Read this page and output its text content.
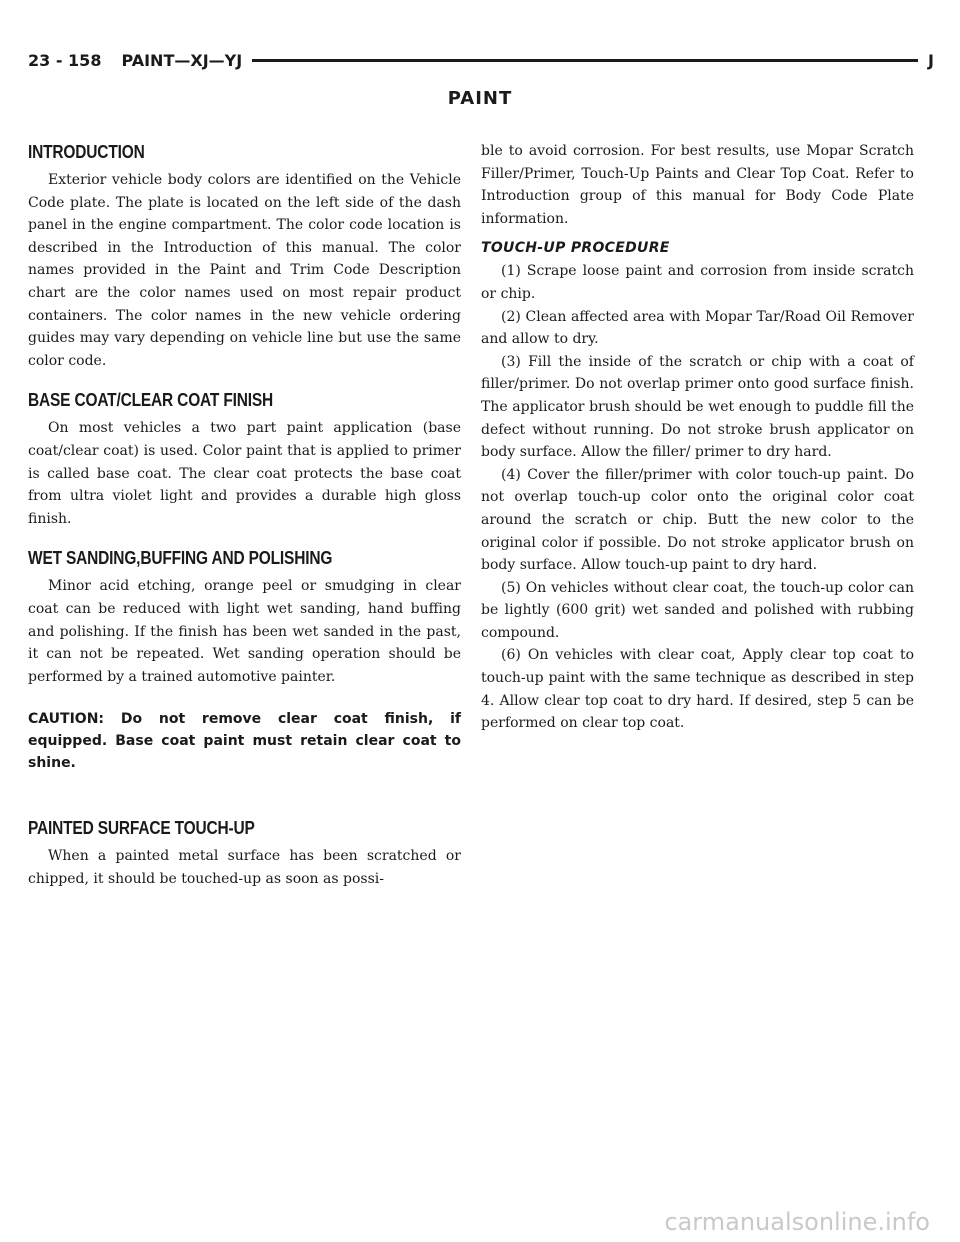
23 - 158 PAINT—XJ—YJ	J
PAINT
INTRODUCTION

Exterior vehicle body colors are identified on the Vehicle Code plate. The plate is located on the left side of the dash panel in the engine compartment. The color code location is described in the Introduction of this manual. The color names provided in the Paint and Trim Code Description chart are the color names used on most repair product containers. The color names in the new vehicle ordering guides may vary depending on vehicle line but use the same color code.

BASE COAT/CLEAR COAT FINISH

On most vehicles a two part paint application (base coat/clear coat) is used. Color paint that is applied to primer is called base coat. The clear coat protects the base coat from ultra violet light and provides a durable high gloss finish.

WET SANDING,BUFFING AND POLISHING

Minor acid etching, orange peel or smudging in clear coat can be reduced with light wet sanding, hand buffing and polishing. If the finish has been wet sanded in the past, it can not be repeated. Wet sanding operation should be performed by a trained automotive painter.

CAUTION: Do not remove clear coat finish, if equipped. Base coat paint must retain clear coat to shine.
PAINTED SURFACE TOUCH-UP

When a painted metal surface has been scratched or chipped, it should be touched-up as soon as possi-

ble to avoid corrosion. For best results, use Mopar Scratch Filler/Primer, Touch-Up Paints and Clear Top Coat. Refer to Introduction group of this manual for Body Code Plate information.

TOUCH-UP PROCEDURE

(1) Scrape loose paint and corrosion from inside scratch or chip.

(2) Clean affected area with Mopar Tar/Road Oil Remover and allow to dry.

(3) Fill the inside of the scratch or chip with a coat of filler/primer. Do not overlap primer onto good surface finish. The applicator brush should be wet enough to puddle fill the defect without running. Do not stroke brush applicator on body surface. Allow the filler/ primer to dry hard.

(4) Cover the filler/primer with color touch-up paint. Do not overlap touch-up color onto the original color coat around the scratch or chip. Butt the new color to the original color if possible. Do not stroke applicator brush on body surface. Allow touch-up paint to dry hard.

(5) On vehicles without clear coat, the touch-up color can be lightly (600 grit) wet sanded and polished with rubbing compound.

(6) On vehicles with clear coat, Apply clear top coat to touch-up paint with the same technique as described in step 4. Allow clear top coat to dry hard. If desired, step 5 can be performed on clear top coat.

carmanualsonline.info
